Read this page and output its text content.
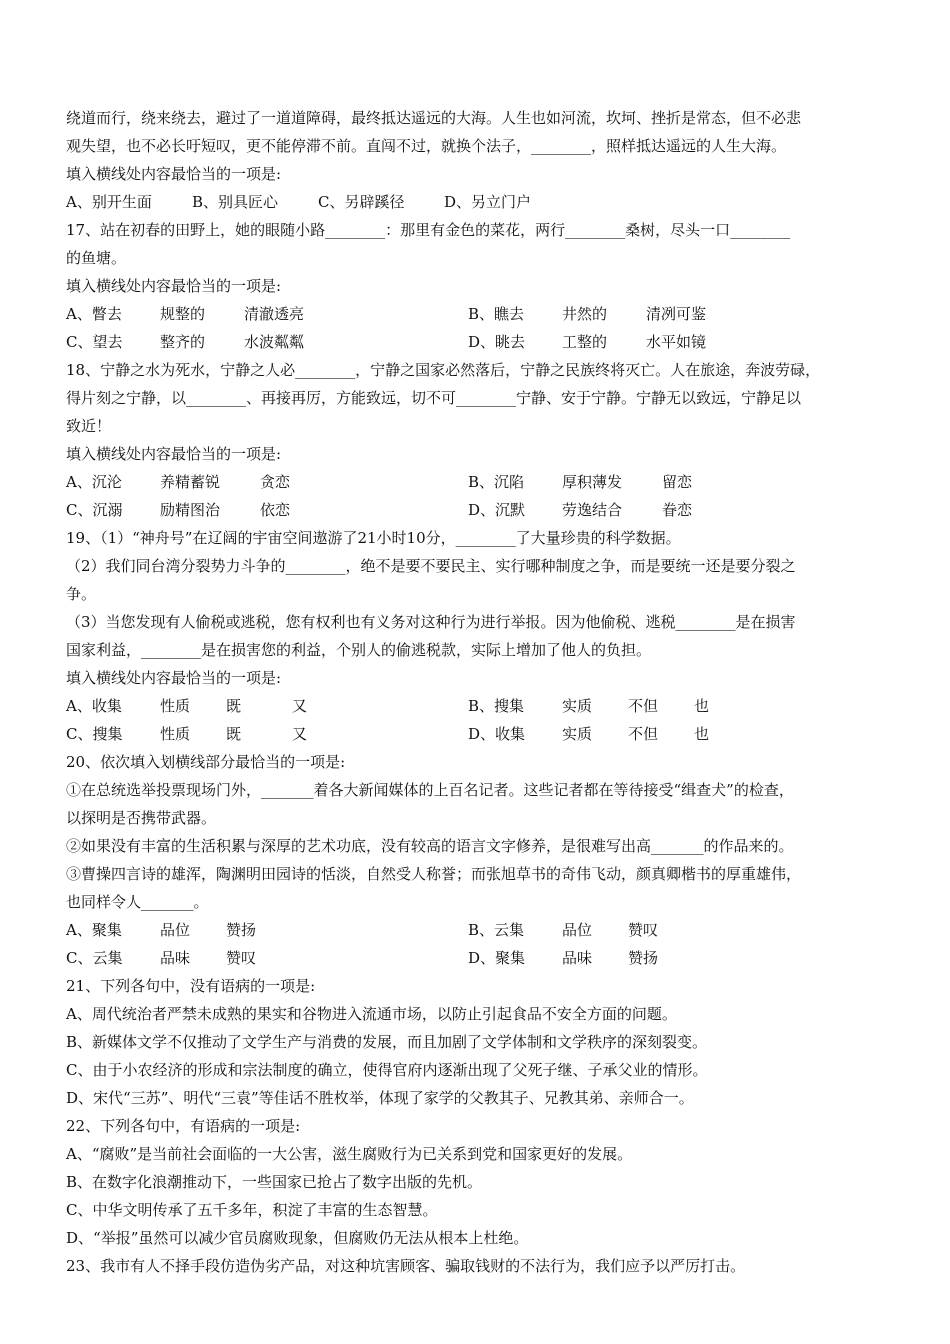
绕道而行，绕来绕去，避过了一道道障碍，最终抵达遥远的大海。人生也如河流，坎坷、挫折是常态，但不必悲
观失望，也不必长吁短叹，更不能停滞不前。直闯不过，就换个法子，________，照样抵达遥远的人生大海。
填入横线处内容最恰当的一项是:
A、别开生面	B、别具匠心	C、另辟蹊径	D、另立门户
17、站在初春的田野上，她的眼随小路________：那里有金色的菜花，两行________桑树，尽头一口________
的鱼塘。
填入横线处内容最恰当的一项是:
A、瞥去	规整的	清澈透亮	B、瞧去	井然的	清冽可鉴
C、望去	整齐的	水波粼粼	D、眺去	工整的	水平如镜
18、宁静之水为死水，宁静之人必________，宁静之国家必然落后，宁静之民族终将灭亡。人在旅途，奔波劳碌，
得片刻之宁静，以________、再接再厉，方能致远，切不可________宁静、安于宁静。宁静无以致远，宁静足以
致近！
填入横线处内容最恰当的一项是:
A、沉沦	养精蓄锐	贪恋	B、沉陷	厚积薄发	留恋
C、沉溺	励精图治	依恋	D、沉默	劳逸结合	眷恋
19、（1）“神舟号”在辽阔的宇宙空间遨游了21小时10分，________了大量珍贵的科学数据。
（2）我们同台湾分裂势力斗争的________，绝不是要不要民主、实行哪种制度之争，而是要统一还是要分裂之
争。
（3）当您发现有人偷税或逃税，您有权利也有义务对这种行为进行举报。因为他偷税、逃税________是在损害
国家利益，________是在损害您的利益，个别人的偷逃税款，实际上增加了他人的负担。
填入横线处内容最恰当的一项是:
A、收集	性质	既	又	B、搜集	实质	不但	也
C、搜集	性质	既	又	D、收集	实质	不但	也
20、依次填入划横线部分最恰当的一项是:
①在总统选举投票现场门外，_______着各大新闻媒体的上百名记者。这些记者都在等待接受“缉查犬”的检查，
以探明是否携带武器。
②如果没有丰富的生活积累与深厚的艺术功底，没有较高的语言文字修养，是很难写出高_______的作品来的。
③曹操四言诗的雄浑，陶渊明田园诗的恬淡，自然受人称誉；而张旭草书的奇伟飞动，颜真卿楷书的厚重雄伟，
也同样令人_______。
A、聚集	品位	赞扬	B、云集	品位	赞叹
C、云集	品味	赞叹	D、聚集	品味	赞扬
21、下列各句中，没有语病的一项是:
A、周代统治者严禁未成熟的果实和谷物进入流通市场，以防止引起食品不安全方面的问题。
B、新媒体文学不仅推动了文学生产与消费的发展，而且加剧了文学体制和文学秩序的深刻裂变。
C、由于小农经济的形成和宗法制度的确立，使得官府内逐渐出现了父死子继、子承父业的情形。
D、宋代“三苏”、明代“三袁”等佳话不胜枚举，体现了家学的父教其子、兄教其弟、亲师合一。
22、下列各句中，有语病的一项是:
A、“腐败”是当前社会面临的一大公害，滋生腐败行为已关系到党和国家更好的发展。
B、在数字化浪潮推动下，一些国家已抢占了数字出版的先机。
C、中华文明传承了五千多年，积淀了丰富的生态智慧。
D、“举报”虽然可以减少官员腐败现象，但腐败仍无法从根本上杜绝。
23、我市有人不择手段仿造伪劣产品，对这种坑害顾客、骗取钱财的不法行为，我们应予以严厉打击。
